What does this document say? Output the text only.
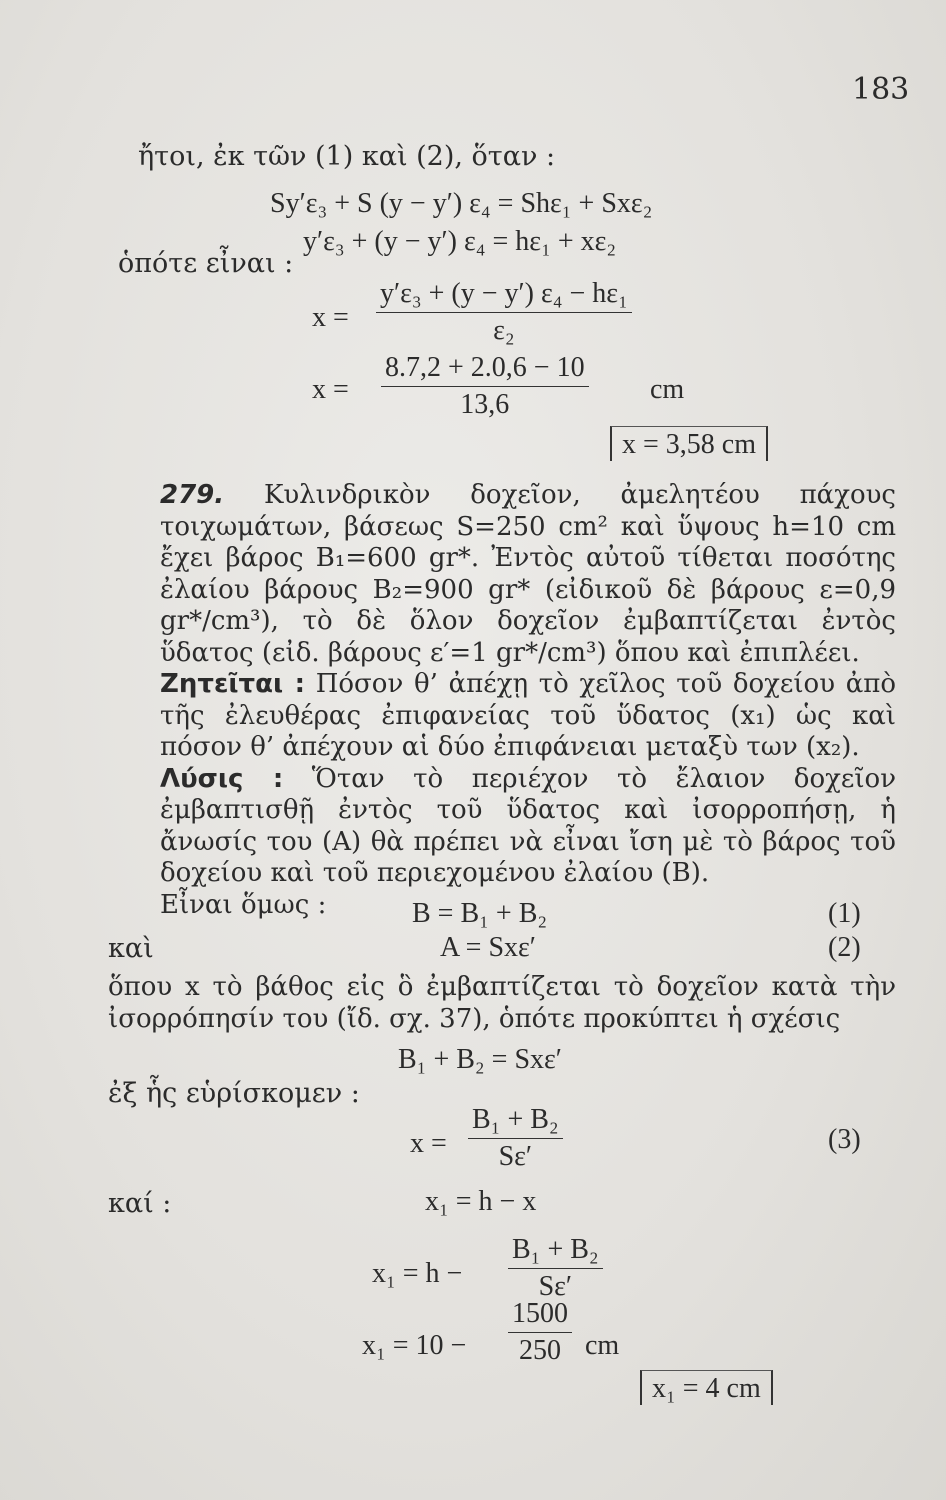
183
ἤτοι, ἐκ τῶν (1) καὶ (2), ὅταν :
Sy′ε₃ + S (y − y′) ε₄ = Shε₁ + Sxε₂
y′ε₃ + (y − y′) ε₄ = hε₁ + xε₂
ὁπότε εἶναι :
$x = \frac{\text{y′ε₃ + (y − y′) ε₄ − hε₁}}{\text{ε₂}}$
$x = \frac{8.7,2 + 2.0,6 - 10}{13,6}$ cm
x = 3,58 cm

279. Κυλινδρικὸν δοχεῖον, ἀμελητέου πάχους τοιχωμάτων, βάσεως S=250 cm² καὶ ὕψους h=10 cm ἔχει βάρος B₁=600 gr*. Ἐντὸς αὐτοῦ τίθεται ποσότης ἐλαίου βάρους B₂=900 gr* (εἰδικοῦ δὲ βάρους ε=0,9 gr*/cm³), τὸ δὲ ὅλον δοχεῖον ἐμβαπτίζεται ἐντὸς ὕδατος (εἰδ. βάρους ε′=1 gr*/cm³) ὅπου καὶ ἐπιπλέει.

Ζητεῖται : Πόσον θ’ ἀπέχῃ τὸ χεῖλος τοῦ δοχείου ἀπὸ τῆς ἐλευθέρας ἐπιφανείας τοῦ ὕδατος (x₁) ὡς καὶ πόσον θ’ ἀπέχουν αἱ δύο ἐπιφάνειαι μεταξὺ των (x₂).

Λύσις : Ὅταν τὸ περιέχον τὸ ἔλαιον δοχεῖον ἐμβαπτισθῇ ἐντὸς τοῦ ὕδατος καὶ ἰσορροπήσῃ, ἡ ἄνωσίς του (A) θὰ πρέπει νὰ εἶναι ἴση μὲ τὸ βάρος τοῦ δοχείου καὶ τοῦ περιεχομένου ἐλαίου (B).

Εἶναι ὅμως :	B = B₁ + B₂	(1)
καὶ	A = Sxε′	(2)

ὅπου x τὸ βάθος εἰς ὃ ἐμβαπτίζεται τὸ δοχεῖον κατὰ τὴν ἰσορρόπησίν του (ἴδ. σχ. 37), ὁπότε προκύπτει ἡ σχέσις

B₁ + B₂ = Sxε′
ἐξ ἧς εὑρίσκομεν :
$x = \frac{\text{B₁ + B₂}}{S\varepsilon'}$	(3)
καί :	x₁ = h − x
$x_1 = h - \frac{\text{B₁ + B₂}}{S\varepsilon'}$
$x_1 = 10 - \frac{1500}{250}$ cm
x₁ = 4 cm
